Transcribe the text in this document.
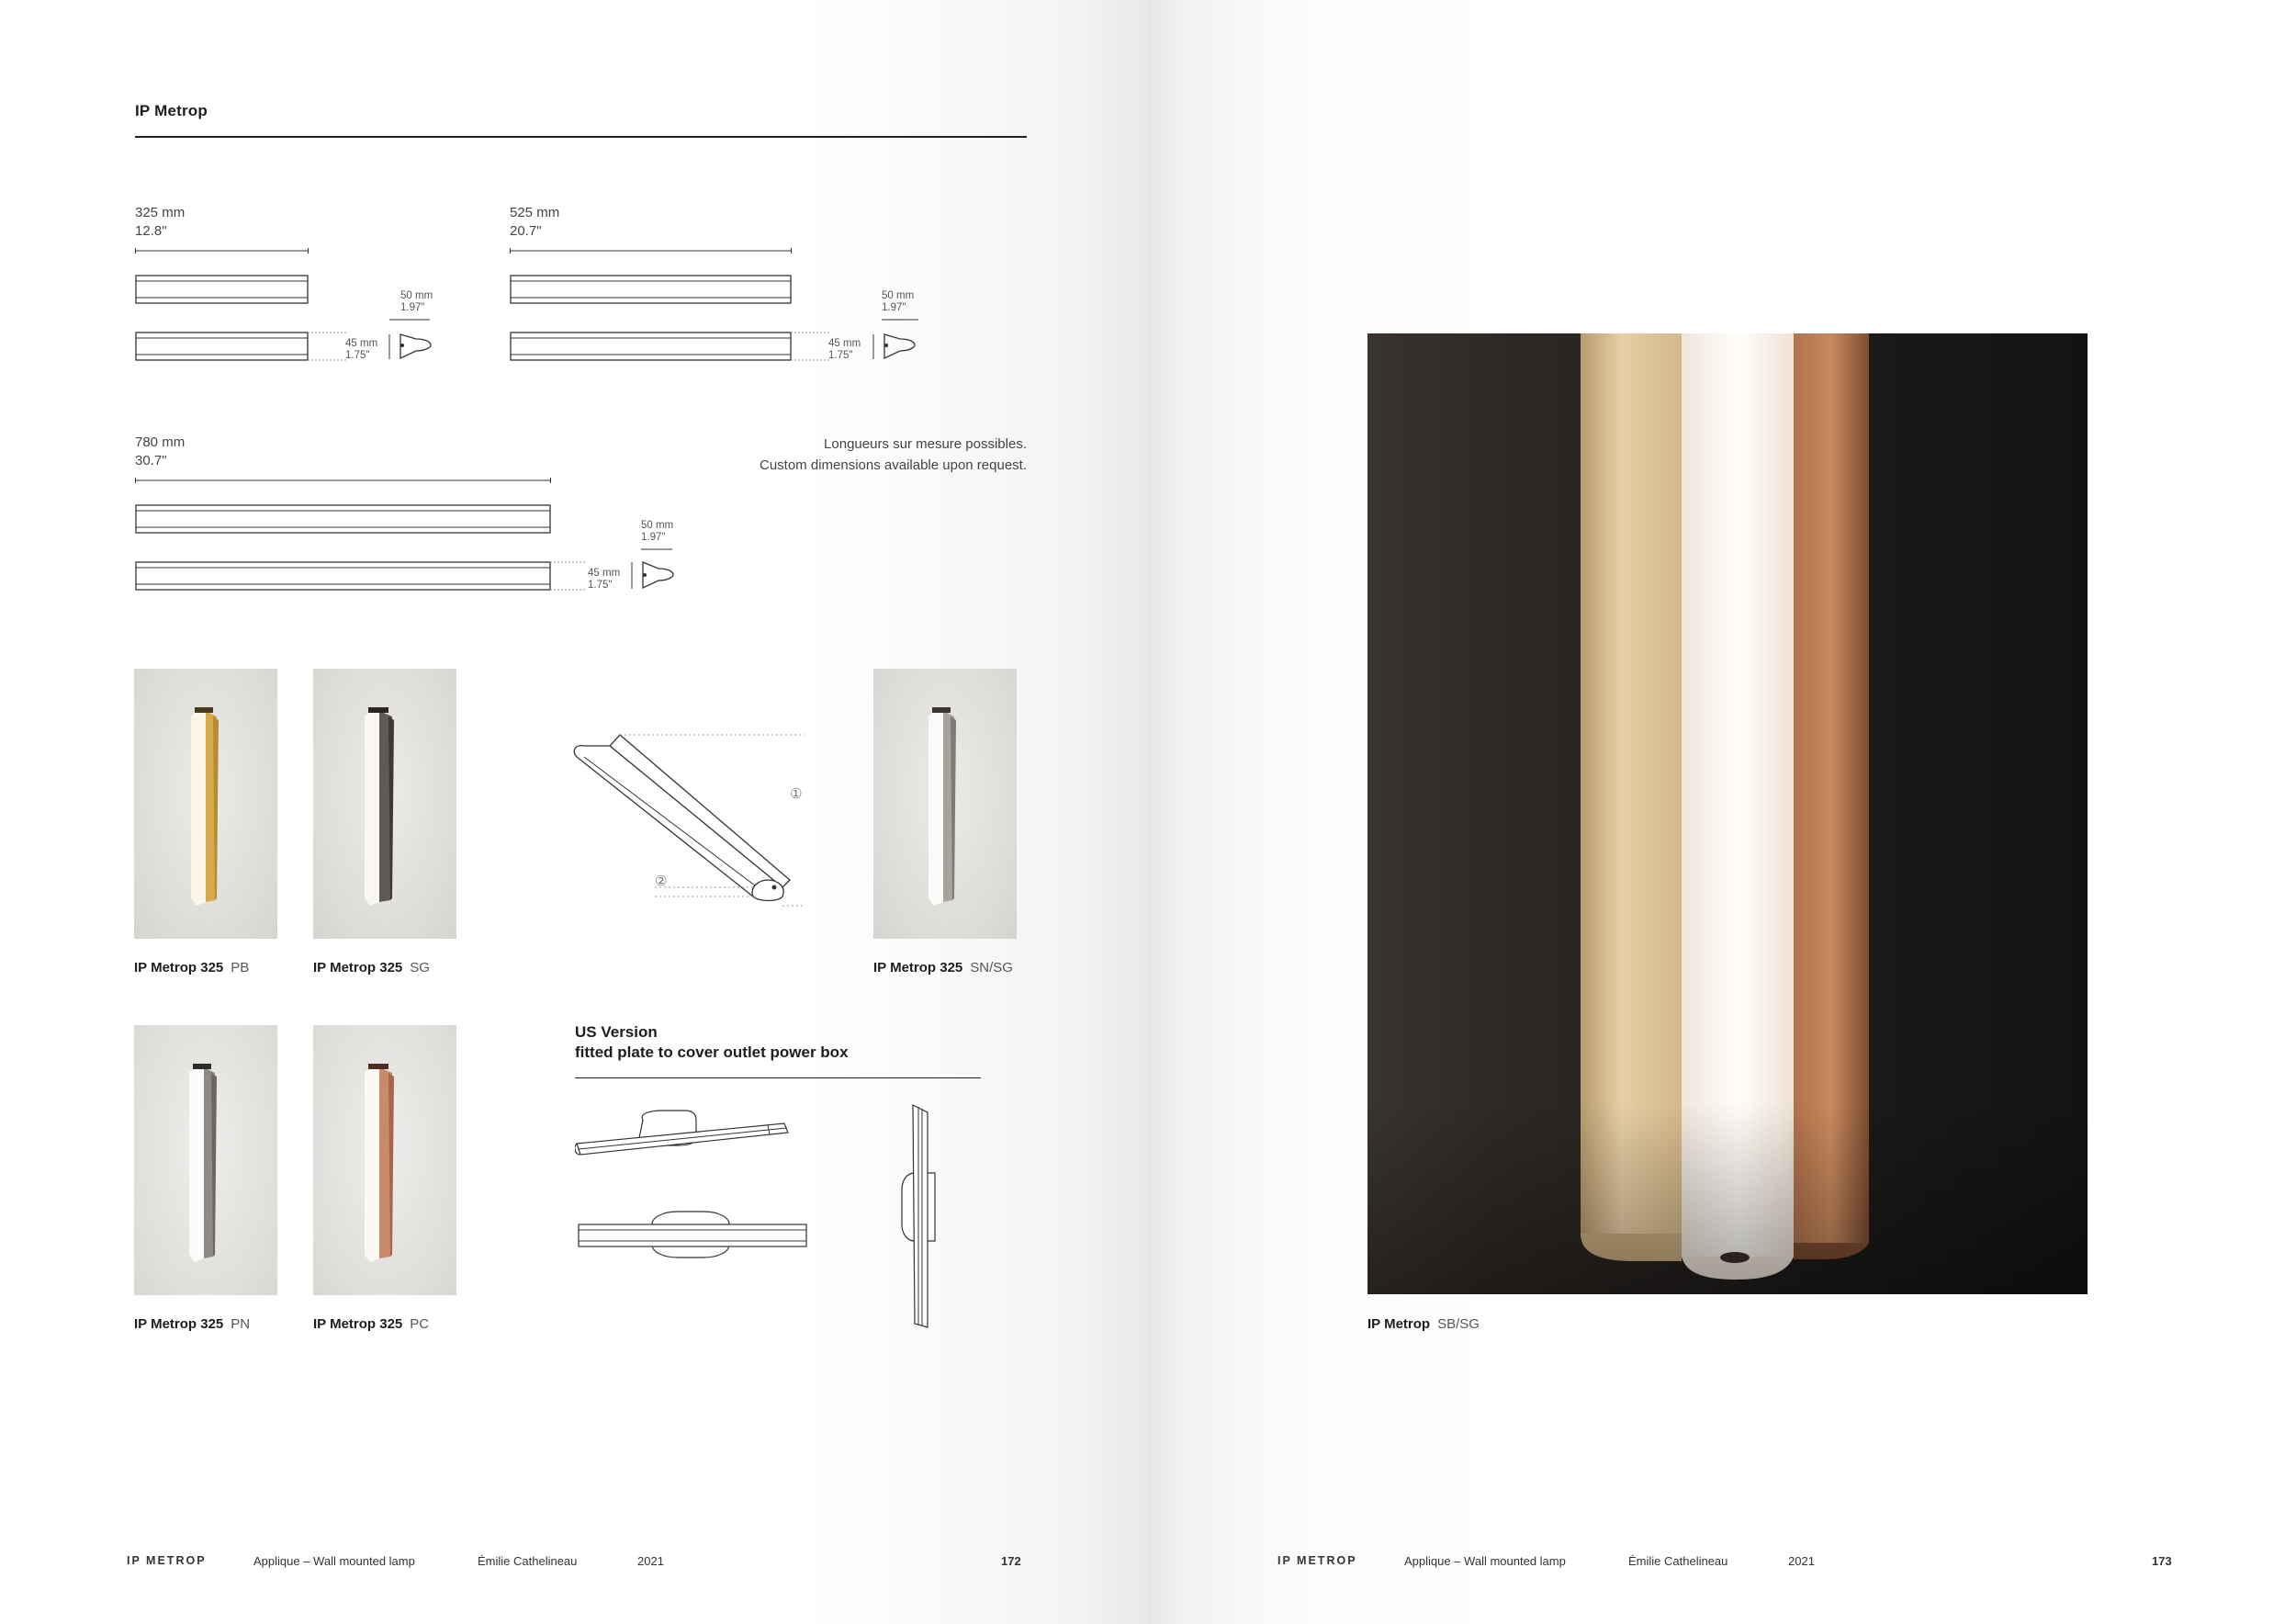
IP Metrop
325 mm
12.8"
50 mm
1.97"
45 mm
1.75"
525 mm
20.7"
50 mm
1.97"
45 mm
1.75"
780 mm
30.7"
50 mm
1.97"
45 mm
1.75"
Longueurs sur mesure possibles.
Custom dimensions available upon request.
IP Metrop 325 PB	IP Metrop 325 SG	IP Metrop 325 SN/SG
①
②
IP Metrop 325 PN	IP Metrop 325 PC
US Version
fitted plate to cover outlet power box
IP METROP	Applique – Wall mounted lamp	Émilie Cathelineau	2021	172
IP Metrop SB/SG
IP METROP	Applique – Wall mounted lamp	Émilie Cathelineau	2021	173
